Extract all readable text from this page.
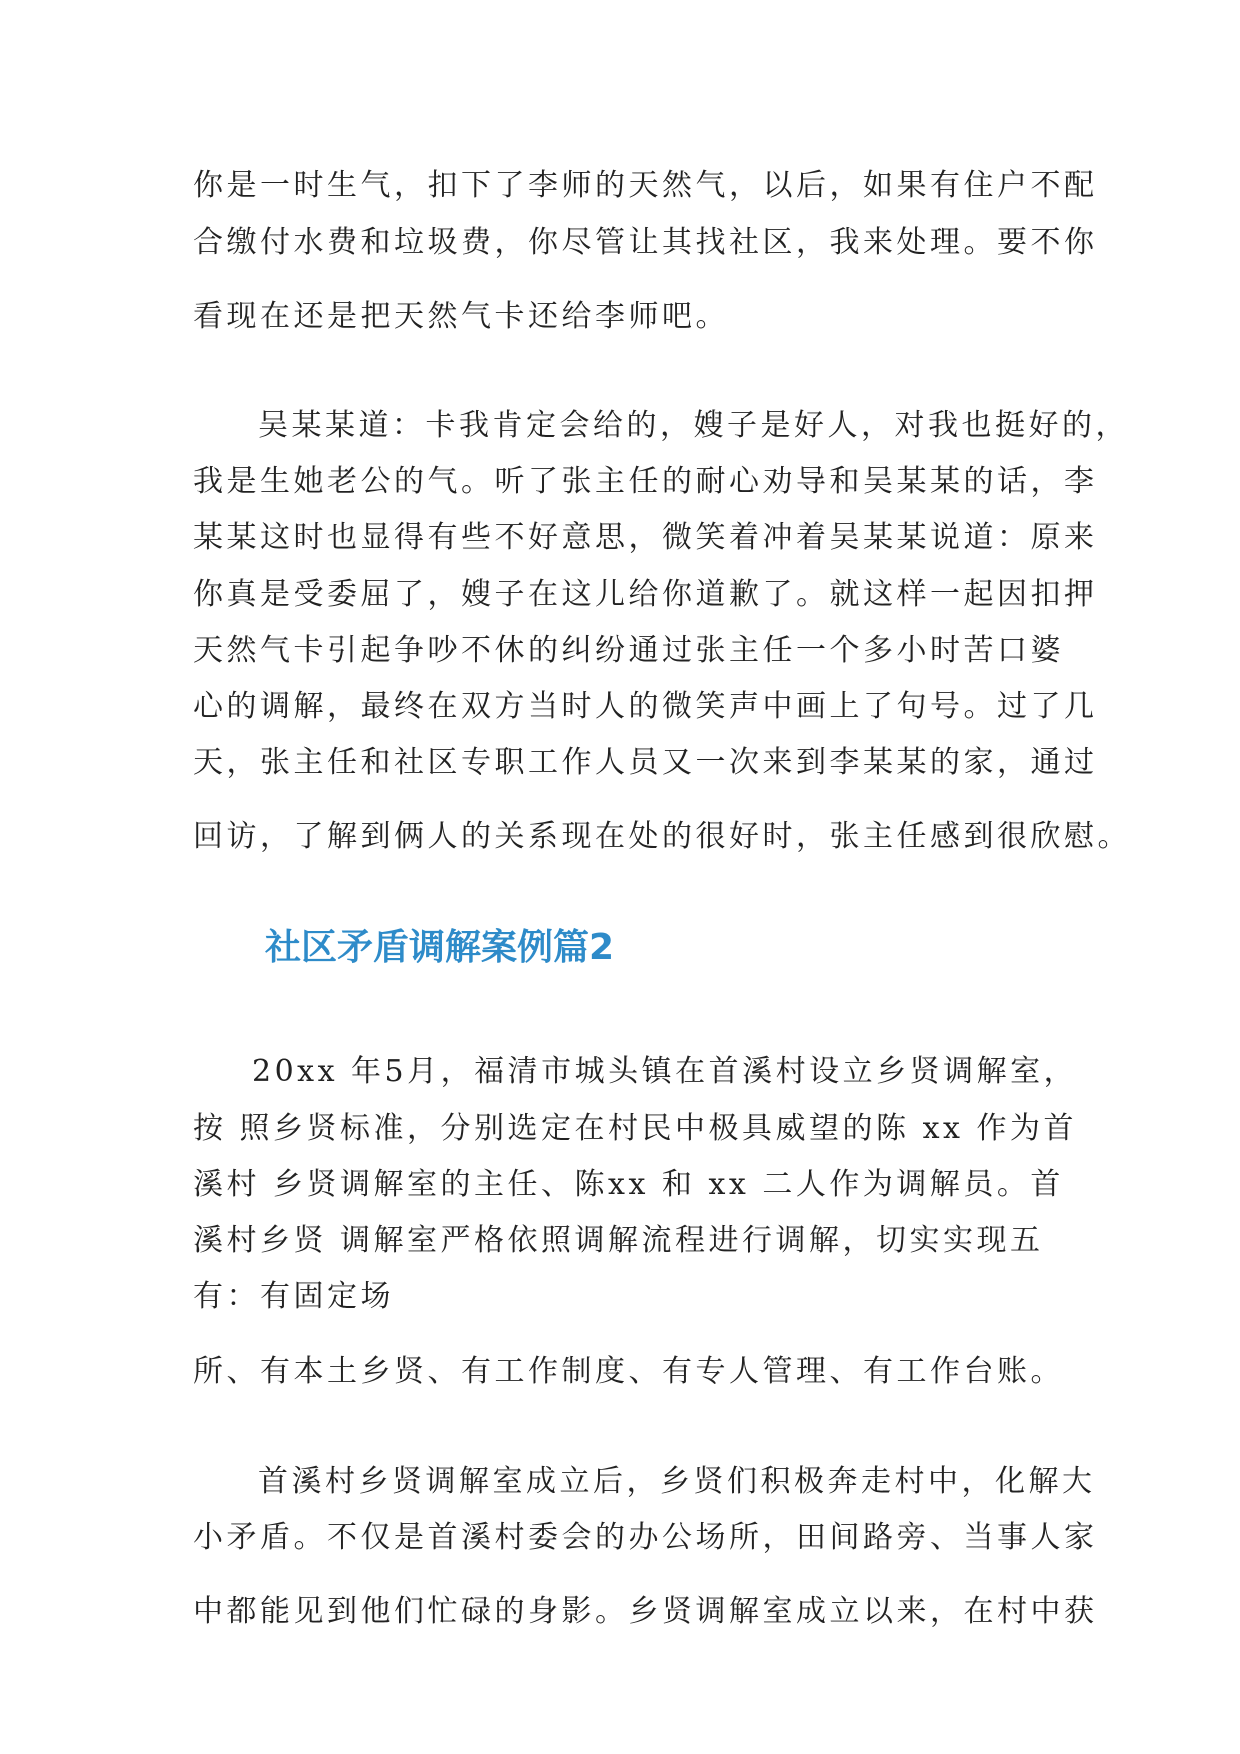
你是一时生气，扣下了李师的天然气，以后，如果有住户不配

合缴付水费和垃圾费，你尽管让其找社区，我来处理。要不你

看现在还是把天然气卡还给李师吧。

吴某某道：卡我肯定会给的，嫂子是好人，对我也挺好的，

我是生她老公的气。听了张主任的耐心劝导和吴某某的话，李

某某这时也显得有些不好意思，微笑着冲着吴某某说道：原来

你真是受委屈了，嫂子在这儿给你道歉了。就这样一起因扣押

天然气卡引起争吵不休的纠纷通过张主任一个多小时苦口婆

心的调解，最终在双方当时人的微笑声中画上了句号。过了几

天，张主任和社区专职工作人员又一次来到李某某的家，通过

回访，了解到俩人的关系现在处的很好时，张主任感到很欣慰。

社区矛盾调解案例篇2

20xx 年5月，福清市城头镇在首溪村设立乡贤调解室，

按 照乡贤标准，分别选定在村民中极具威望的陈 xx 作为首

溪村 乡贤调解室的主任、陈xx 和 xx 二人作为调解员。首

溪村乡贤 调解室严格依照调解流程进行调解，切实实现五

有：有固定场

所、有本土乡贤、有工作制度、有专人管理、有工作台账。

首溪村乡贤调解室成立后，乡贤们积极奔走村中，化解大

小矛盾。不仅是首溪村委会的办公场所，田间路旁、当事人家

中都能见到他们忙碌的身影。乡贤调解室成立以来，在村中获
